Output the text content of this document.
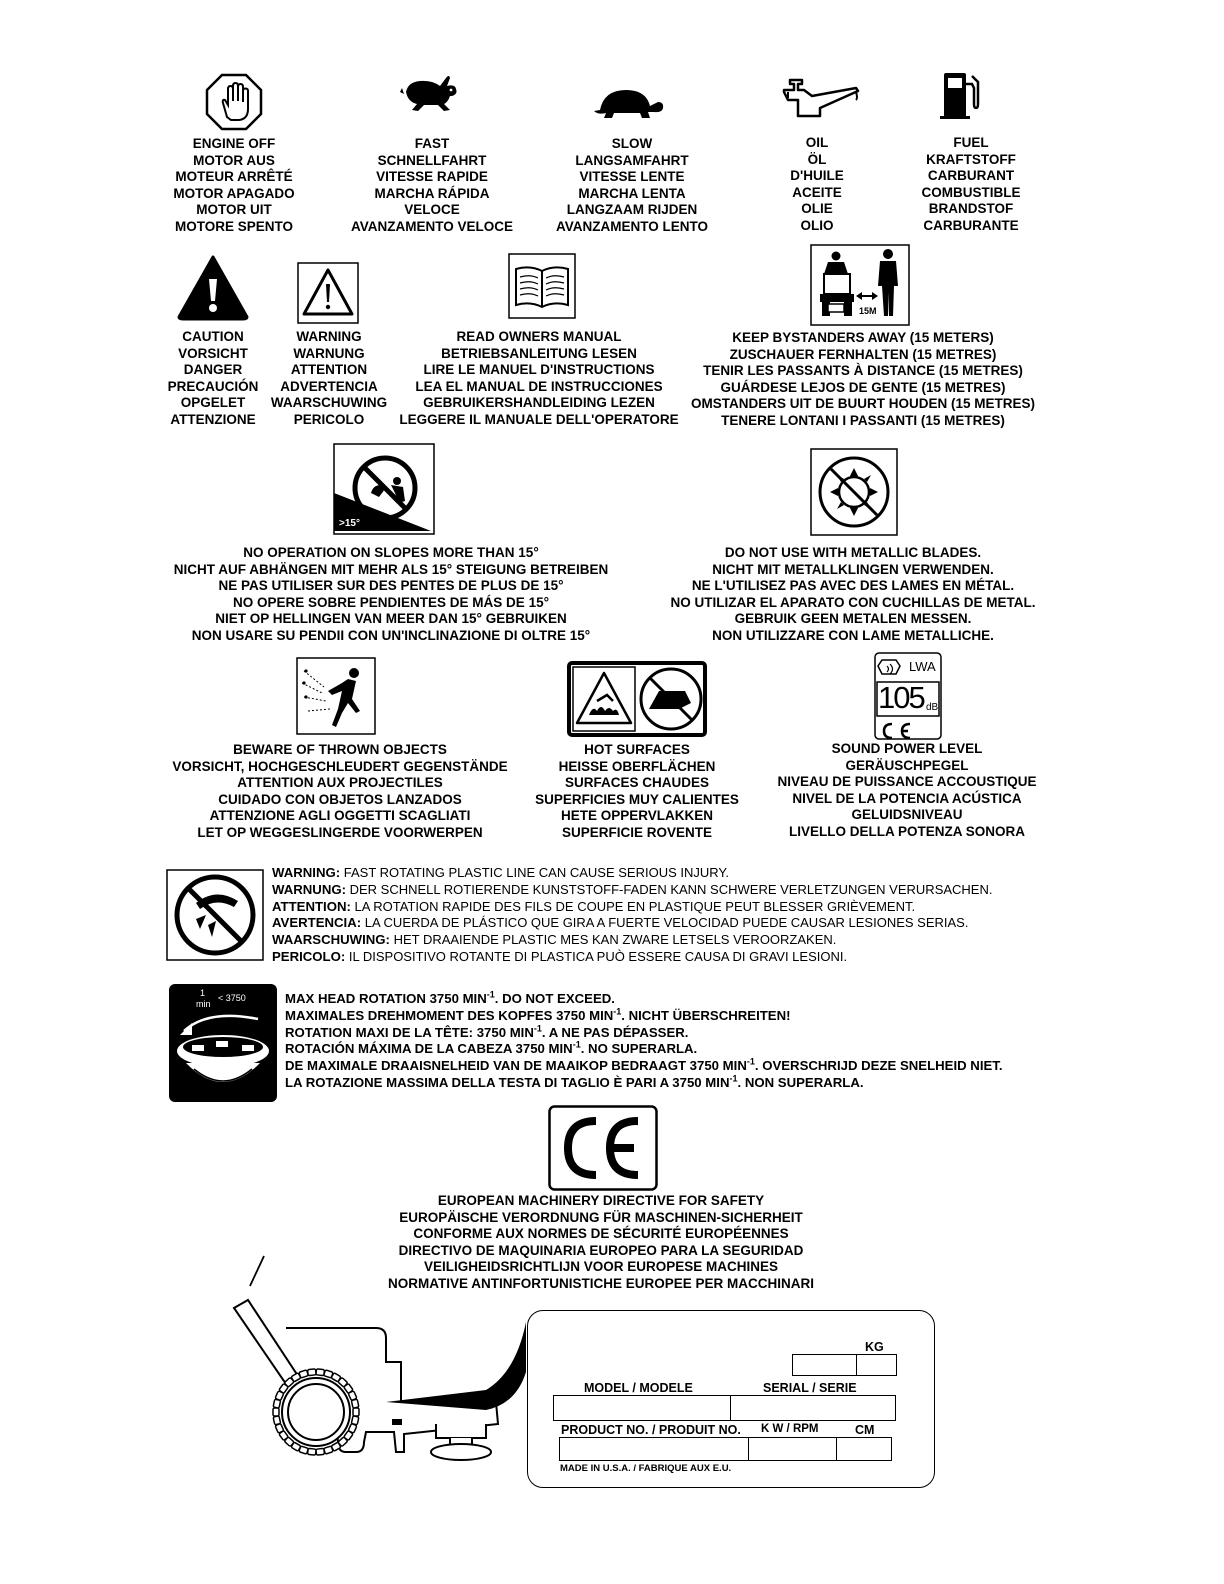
ENGINE OFF
MOTOR AUS
MOTEUR ARRÊTÉ
MOTOR APAGADO
MOTOR UIT
MOTORE SPENTO
FAST
SCHNELLFAHRT
VITESSE RAPIDE
MARCHA RÁPIDA
VELOCE
AVANZAMENTO VELOCE
SLOW
LANGSAMFAHRT
VITESSE LENTE
MARCHA LENTA
LANGZAAM RIJDEN
AVANZAMENTO LENTO
OIL
ÖL
D'HUILE
ACEITE
OLIE
OLIO
FUEL
KRAFTSTOFF
CARBURANT
COMBUSTIBLE
BRANDSTOF
CARBURANTE
CAUTION
VORSICHT
DANGER
PRECAUCIÓN
OPGELET
ATTENZIONE
WARNING
WARNUNG
ATTENTION
ADVERTENCIA
WAARSCHUWING
PERICOLO
READ OWNERS MANUAL
BETRIEBSANLEITUNG LESEN
LIRE LE MANUEL D'INSTRUCTIONS
LEA EL MANUAL DE INSTRUCCIONES
GEBRUIKERSHANDLEIDING LEZEN
LEGGERE IL MANUALE DELL'OPERATORE
15M
KEEP BYSTANDERS AWAY (15 METERS)
ZUSCHAUER FERNHALTEN (15 METRES)
TENIR LES PASSANTS À DISTANCE (15 METRES)
GUÁRDESE LEJOS DE GENTE (15 METRES)
OMSTANDERS UIT DE BUURT HOUDEN (15 METRES)
TENERE LONTANI I PASSANTI (15 METRES)
>15°
NO OPERATION ON SLOPES MORE THAN 15°
NICHT AUF ABHÄNGEN MIT MEHR ALS 15° STEIGUNG BETREIBEN
NE PAS UTILISER SUR DES PENTES DE PLUS DE 15°
NO OPERE SOBRE PENDIENTES DE MÁS DE 15°
NIET OP HELLINGEN VAN MEER DAN 15° GEBRUIKEN
NON USARE SU PENDII CON UN'INCLINAZIONE DI OLTRE 15°
DO NOT USE WITH METALLIC BLADES.
NICHT MIT METALLKLINGEN VERWENDEN.
NE L'UTILISEZ PAS AVEC DES LAMES EN MÉTAL.
NO UTILIZAR EL APARATO CON CUCHILLAS DE METAL.
GEBRUIK GEEN METALEN MESSEN.
NON UTILIZZARE CON LAME METALLICHE.
BEWARE OF THROWN OBJECTS
VORSICHT, HOCHGESCHLEUDERT GEGENSTÄNDE
ATTENTION AUX PROJECTILES
CUIDADO CON OBJETOS LANZADOS
ATTENZIONE AGLI OGGETTI SCAGLIATI
LET OP WEGGESLINGERDE VOORWERPEN
HOT SURFACES
HEISSE OBERFLÄCHEN
SURFACES CHAUDES
SUPERFICIES MUY CALIENTES
HETE OPPERVLAKKEN
SUPERFICIE ROVENTE
LWA
105 dB
SOUND POWER LEVEL
GERÄUSCHPEGEL
NIVEAU DE PUISSANCE ACCOUSTIQUE
NIVEL DE LA POTENCIA ACÚSTICA
GELUIDSNIVEAU
LIVELLO DELLA POTENZA SONORA
WARNING: FAST ROTATING PLASTIC LINE CAN CAUSE SERIOUS INJURY.
WARNUNG: DER SCHNELL ROTIERENDE KUNSTSTOFF-FADEN KANN SCHWERE VERLETZUNGEN VERURSACHEN.
ATTENTION: LA ROTATION RAPIDE DES FILS DE COUPE EN PLASTIQUE PEUT BLESSER GRIÈVEMENT.
AVERTENCIA: LA CUERDA DE PLÁSTICO QUE GIRA A FUERTE VELOCIDAD PUEDE CAUSAR LESIONES SERIAS.
WAARSCHUWING: HET DRAAIENDE PLASTIC MES KAN ZWARE LETSELS VEROORZAKEN.
PERICOLO: IL DISPOSITIVO ROTANTE DI PLASTICA PUÒ ESSERE CAUSA DI GRAVI LESIONI.
1
min
< 3750	MAX HEAD ROTATION 3750 $MIN^{-1}$. DO NOT EXCEED.
MAXIMALES DREHMOMENT DES KOPFES 3750 $MIN^{-1}$. NICHT ÜBERSCHREITEN!
ROTATION MAXI DE LA TÊTE: 3750 $MIN^{-1}$. A NE PAS DÉPASSER.
ROTACIÓN MÁXIMA DE LA CABEZA 3750 $MIN^{-1}$. NO SUPERARLA.
DE MAXIMALE DRAAISNELHEID VAN DE MAAIKOP BEDRAAGT 3750 $MIN^{-1}$. OVERSCHRIJD DEZE SNELHEID NIET.
LA ROTAZIONE MASSIMA DELLA TESTA DI TAGLIO È PARI A 3750 $MIN^{-1}$. NON SUPERARLA.
EUROPEAN MACHINERY DIRECTIVE FOR SAFETY
EUROPÄISCHE VERORDNUNG FÜR MASCHINEN-SICHERHEIT
CONFORME AUX NORMES DE SÉCURITÉ EUROPÉENNES
DIRECTIVO DE MAQUINARIA EUROPEO PARA LA SEGURIDAD
VEILIGHEIDSRICHTLIJN VOOR EUROPESE MACHINES
NORMATIVE ANTINFORTUNISTICHE EUROPEE PER MACCHINARI
KG
MODEL / MODELE	SERIAL / SERIE
PRODUCT NO. / PRODUIT NO. K W / RPM	CM
MADE IN U.S.A. / FABRIQUE AUX E.U.
